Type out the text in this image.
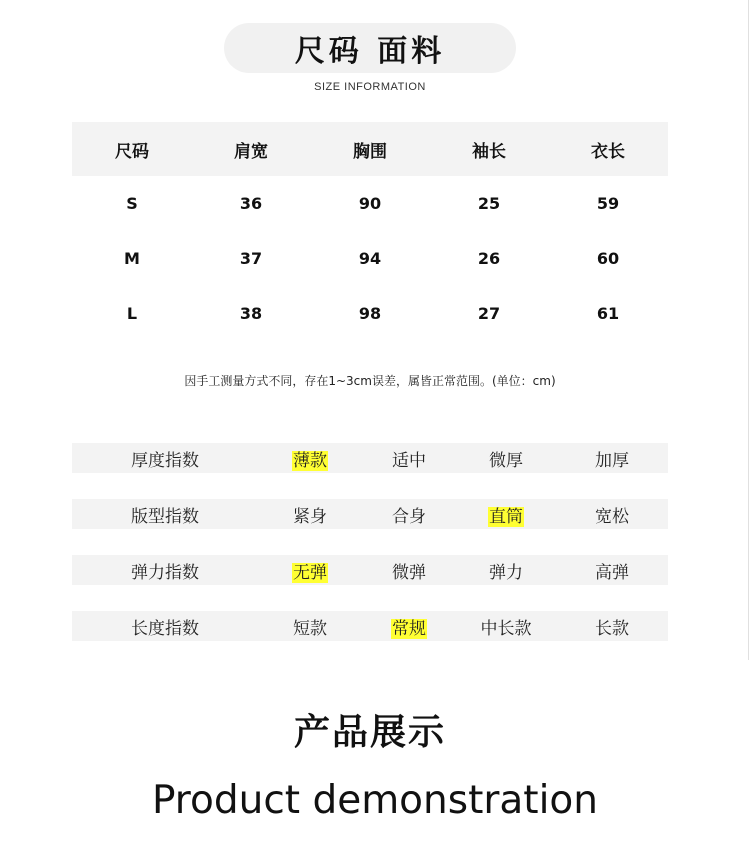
尺码 面料
SIZE INFORMATION
尺码	肩宽	胸围	袖长	衣长
S	36	90	25	59
M	37	94	26	60
L	38	98	27	61
因手工测量方式不同，存在1~3cm误差，属皆正常范围。(单位：cm)
厚度指数	薄款	适中	微厚	加厚
版型指数	紧身	合身	直筒	宽松
弹力指数	无弹	微弹	弹力	高弹
长度指数	短款	常规	中长款	长款
产品展示
Product demonstration
